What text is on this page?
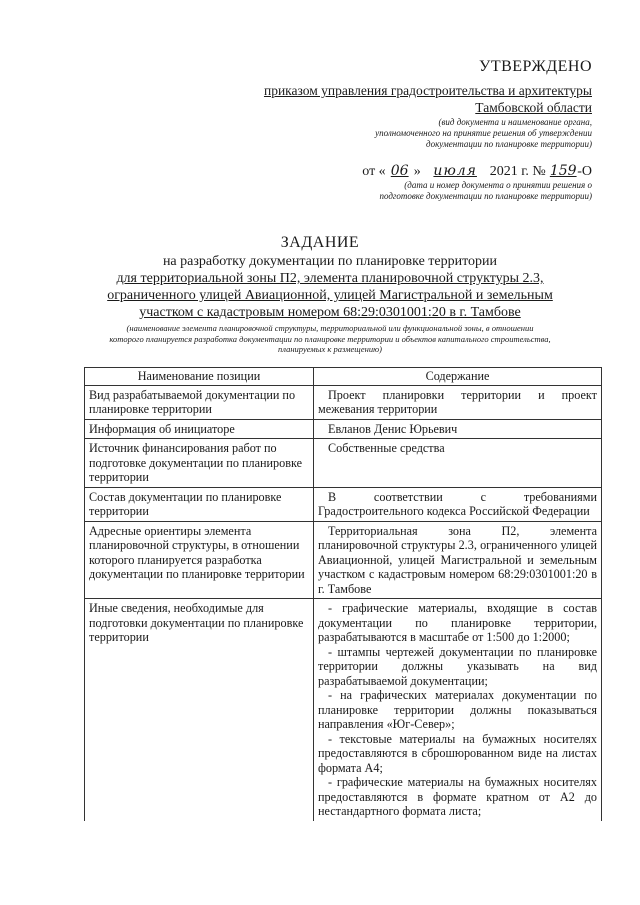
УТВЕРЖДЕНО
приказом управления градостроительства и архитектуры
Тамбовской области
(вид документа и наименование органа,
уполномоченного на принятие решения об утверждении
документации по планировке территории)
от « 06 » июля 2021 г. № 159-О
(дата и номер документа о принятии решения о
подготовке документации по планировке территории)
ЗАДАНИЕ
на разработку документации по планировке территории
для территориальной зоны П2, элемента планировочной структуры 2.3,
ограниченного улицей Авиационной, улицей Магистральной и земельным
участком с кадастровым номером 68:29:0301001:20 в г. Тамбове
(наименование элемента планировочной структуры, территориальной или функциональной зоны, в отношении
которого планируется разработка документации по планировке территории и объектов капитального строительства,
планируемых к размещению)
Наименование позиции	Содержание
Вид разрабатываемой документации по планировке территории	Проект планировки территории и проект межевания территории
Информация об инициаторе	Евланов Денис Юрьевич
Источник финансирования работ по подготовке документации по планировке территории	Собственные средства
Состав документации по планировке территории	В соответствии с требованиями Градостроительного кодекса Российской Федерации
Адресные ориентиры элемента планировочной структуры, в отношении которого планируется разработка документации по планировке территории	Территориальная зона П2, элемента планировочной структуры 2.3, ограниченного улицей Авиационной, улицей Магистральной и земельным участком с кадастровым номером 68:29:0301001:20 в г. Тамбове
Иные сведения, необходимые для подготовки документации по планировке территории	- графические материалы, входящие в состав документации по планировке территории, разрабатываются в масштабе от 1:500 до 1:2000;
- штампы чертежей документации по планировке территории должны указывать на вид разрабатываемой документации;
- на графических материалах документации по планировке территории должны показываться направления «Юг-Север»;
- текстовые материалы на бумажных носителях предоставляются в сброшюрованном виде на листах формата А4;
- графические материалы на бумажных носителях предоставляются в формате кратном от А2 до нестандартного формата листа;
